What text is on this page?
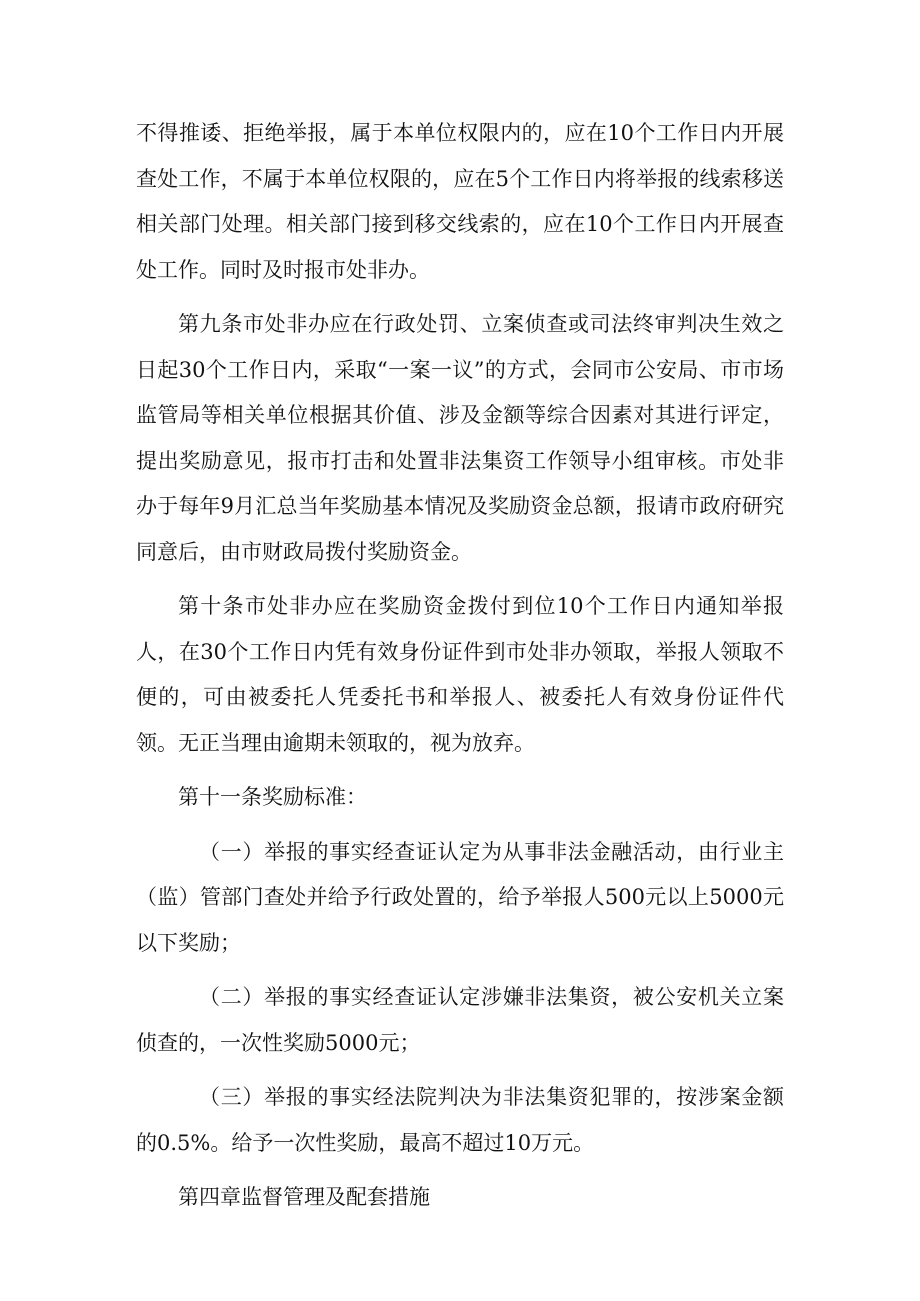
不得推诿、拒绝举报，属于本单位权限内的，应在10个工作日内开展查处工作，不属于本单位权限的，应在5个工作日内将举报的线索移送相关部门处理。相关部门接到移交线索的，应在10个工作日内开展查处工作。同时及时报市处非办。

第九条市处非办应在行政处罚、立案侦查或司法终审判决生效之日起30个工作日内，采取“一案一议”的方式，会同市公安局、市市场监管局等相关单位根据其价值、涉及金额等综合因素对其进行评定，提出奖励意见，报市打击和处置非法集资工作领导小组审核。市处非办于每年9月汇总当年奖励基本情况及奖励资金总额，报请市政府研究同意后，由市财政局拨付奖励资金。

第十条市处非办应在奖励资金拨付到位10个工作日内通知举报人，在30个工作日内凭有效身份证件到市处非办领取，举报人领取不便的，可由被委托人凭委托书和举报人、被委托人有效身份证件代领。无正当理由逾期未领取的，视为放弃。

第十一条奖励标准：

（一）举报的事实经查证认定为从事非法金融活动，由行业主（监）管部门查处并给予行政处置的，给予举报人500元以上5000元以下奖励；

（二）举报的事实经查证认定涉嫌非法集资，被公安机关立案侦查的，一次性奖励5000元；

（三）举报的事实经法院判决为非法集资犯罪的，按涉案金额的0.5%。给予一次性奖励，最高不超过10万元。

第四章监督管理及配套措施
